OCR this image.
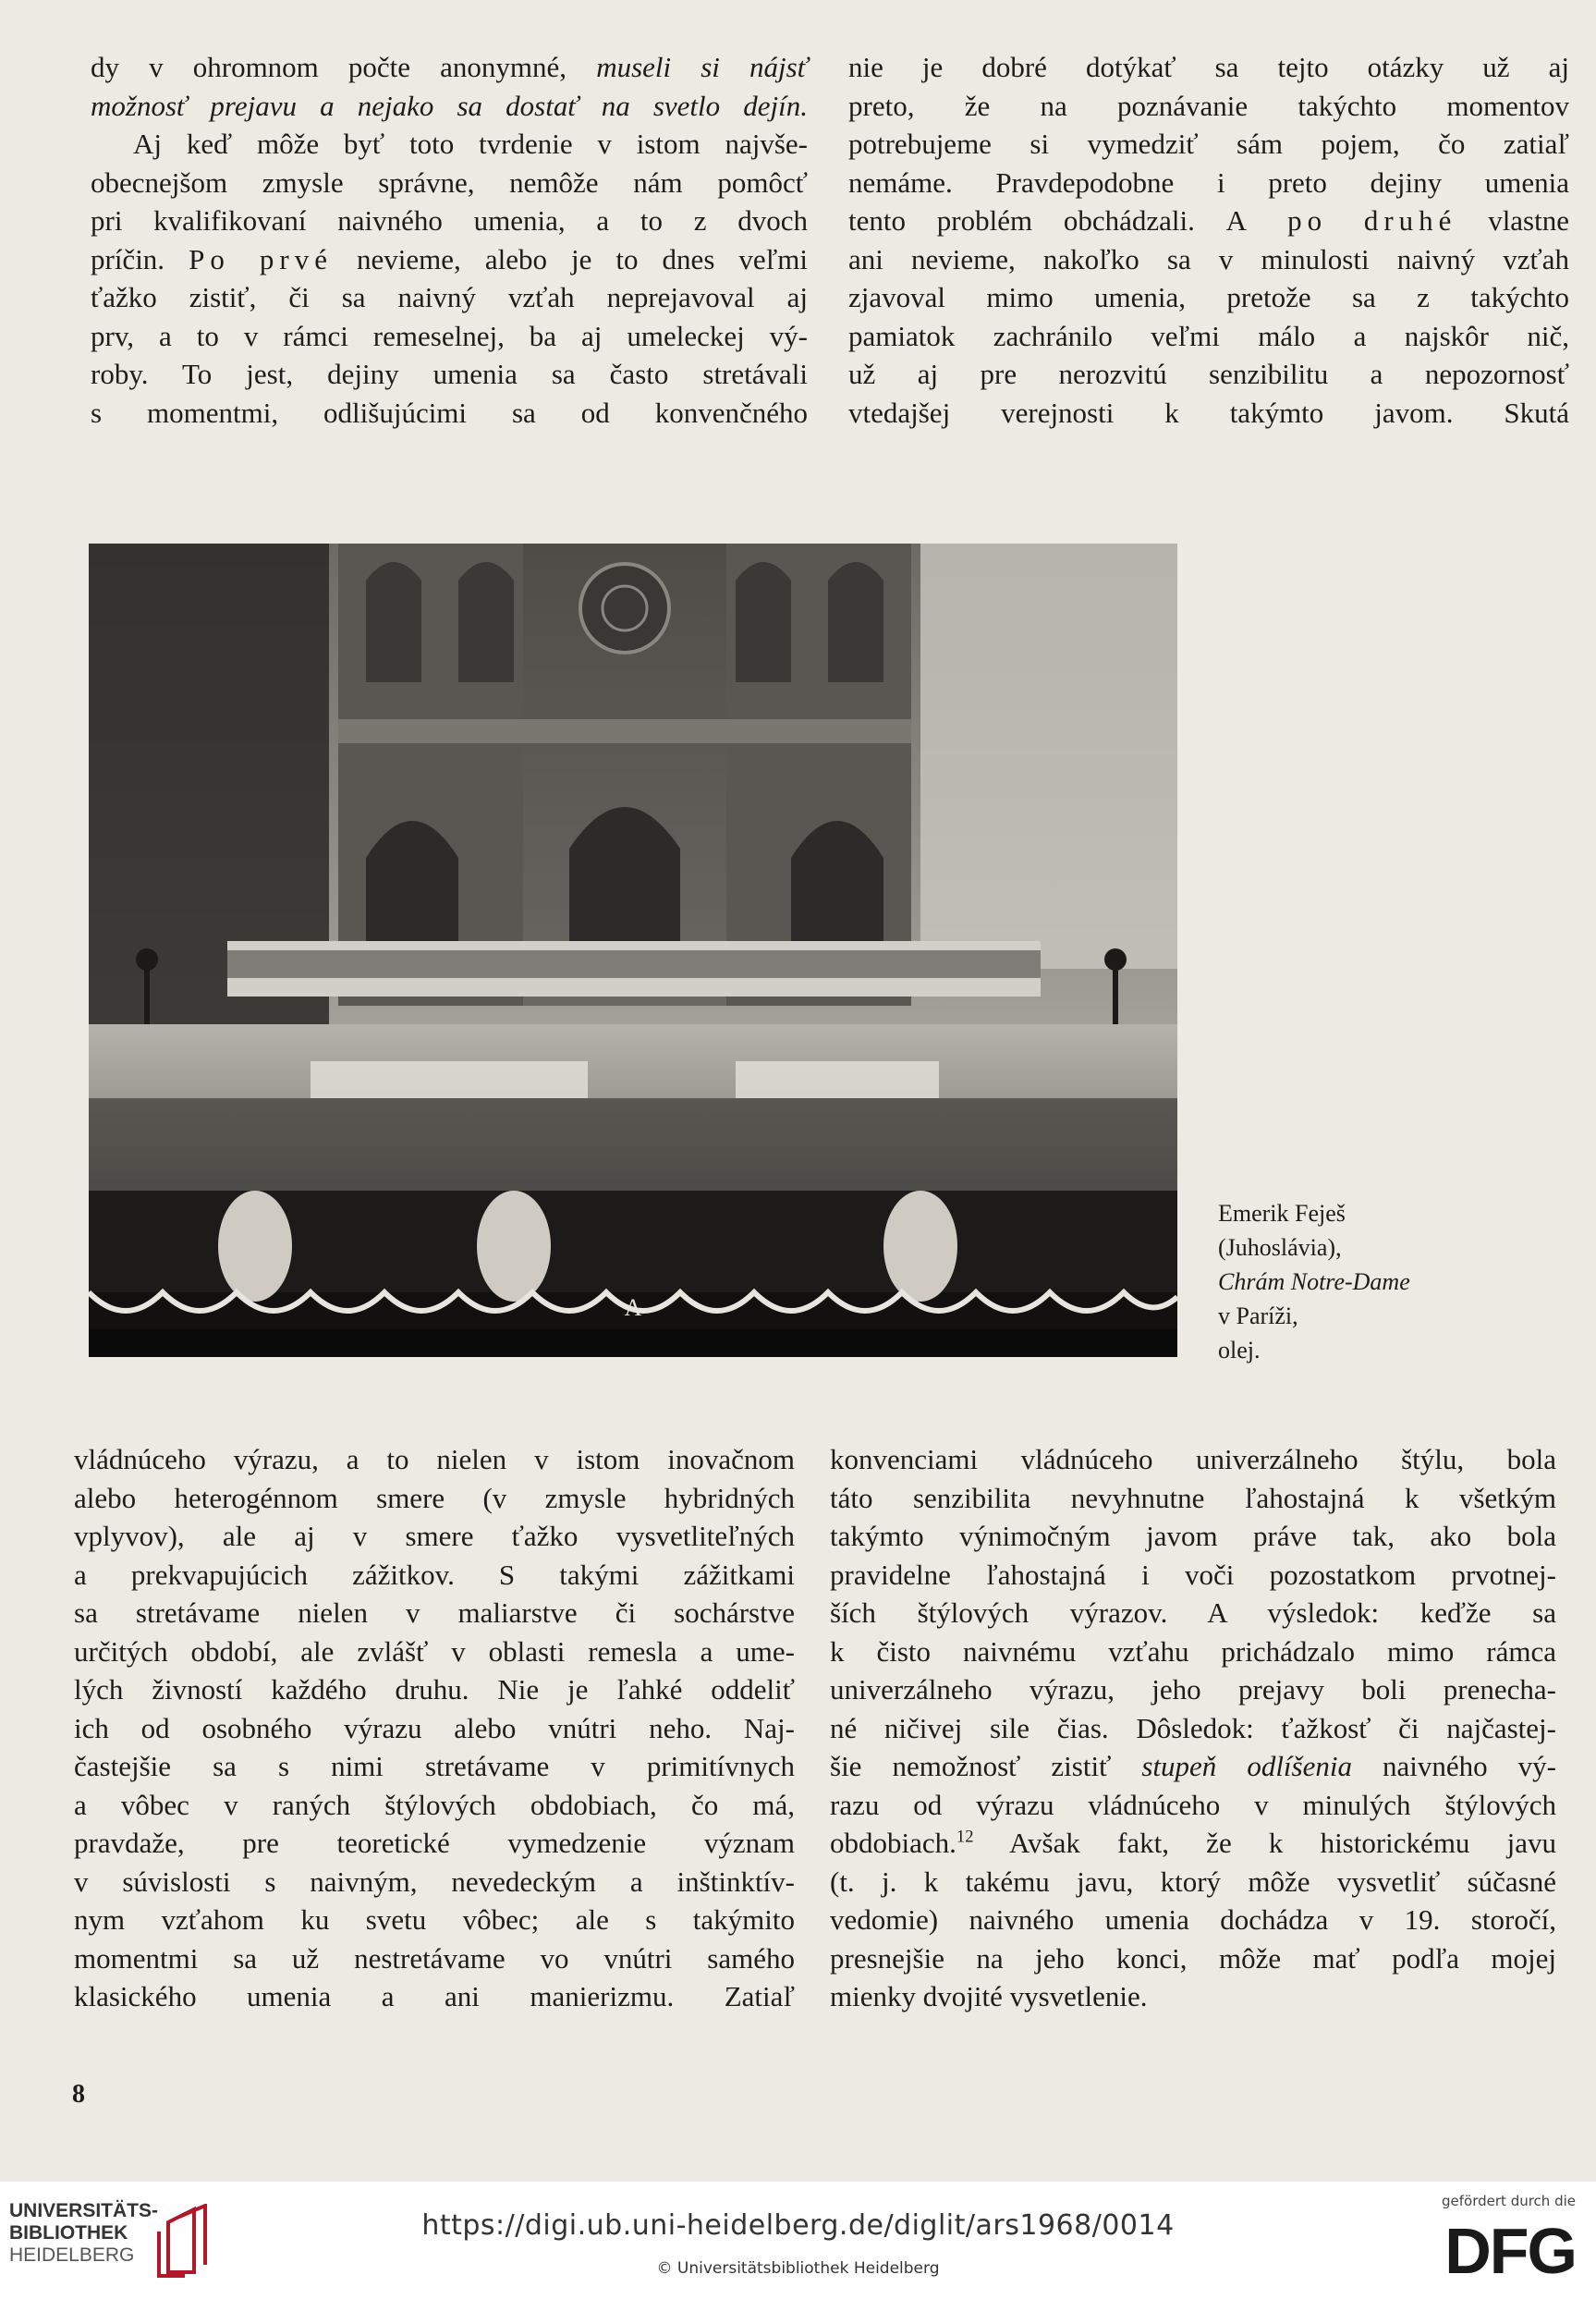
dy v ohromnom počte anonymné, museli si nájsť
možnosť prejavu a nejako sa dostať na svetlo dejín.
Aj keď môže byť toto tvrdenie v istom najvše-
obecnejšom zmysle správne, nemôže nám pomôcť
pri kvalifikovaní naivného umenia, a to z dvoch
príčin. Po prvé nevieme, alebo je to dnes veľmi
ťažko zistiť, či sa naivný vzťah neprejavoval aj
prv, a to v rámci remeselnej, ba aj umeleckej vý-
roby. To jest, dejiny umenia sa často stretávali
s momentmi, odlišujúcimi sa od konvenčného
nie je dobré dotýkať sa tejto otázky už aj
preto, že na poznávanie takýchto momentov
potrebujeme si vymedziť sám pojem, čo zatiaľ
nemáme. Pravdepodobne i preto dejiny umenia
tento problém obchádzali. A po druhé vlastne
ani nevieme, nakoľko sa v minulosti naivný vzťah
zjavoval mimo umenia, pretože sa z takýchto
pamiatok zachránilo veľmi málo a najskôr nič,
už aj pre nerozvitú senzibilitu a nepozornosť
vtedajšej verejnosti k takýmto javom. Skutá
A
Emerik Feješ
(Juhoslávia),
Chrám Notre-Dame
v Paríži,
olej.
vládnúceho výrazu, a to nielen v istom inovačnom
alebo heterogénnom smere (v zmysle hybridných
vplyvov), ale aj v smere ťažko vysvetliteľných
a prekvapujúcich zážitkov. S takými zážitkami
sa stretávame nielen v maliarstve či sochárstve
určitých období, ale zvlášť v oblasti remesla a ume-
lých živností každého druhu. Nie je ľahké oddeliť
ich od osobného výrazu alebo vnútri neho. Naj-
častejšie sa s nimi stretávame v primitívnych
a vôbec v raných štýlových obdobiach, čo má,
pravdaže, pre teoretické vymedzenie význam
v súvislosti s naivným, nevedeckým a inštinktív-
nym vzťahom ku svetu vôbec; ale s takýmito
momentmi sa už nestretávame vo vnútri samého
klasického umenia a ani manierizmu. Zatiaľ
konvenciami vládnúceho univerzálneho štýlu, bola
táto senzibilita nevyhnutne ľahostajná k všetkým
takýmto výnimočným javom práve tak, ako bola
pravidelne ľahostajná i voči pozostatkom prvotnej-
ších štýlových výrazov. A výsledok: keďže sa
k čisto naivnému vzťahu prichádzalo mimo rámca
univerzálneho výrazu, jeho prejavy boli prenecha-
né ničivej sile čias. Dôsledok: ťažkosť či najčastej-
šie nemožnosť zistiť stupeň odlíšenia naivného vý-
razu od výrazu vládnúceho v minulých štýlových
obdobiach.$^{12}$ Avšak fakt, že k historickému javu
(t. j. k takému javu, ktorý môže vysvetliť súčasné
vedomie) naivného umenia dochádza v 19. storočí,
presnejšie na jeho konci, môže mať podľa mojej
mienky dvojité vysvetlenie.
8
UNIVERSITÄTS-
BIBLIOTHEK
HEIDELBERG
https://digi.ub.uni-heidelberg.de/diglit/ars1968/0014
© Universitätsbibliothek Heidelberg
gefördert durch die
DFG
